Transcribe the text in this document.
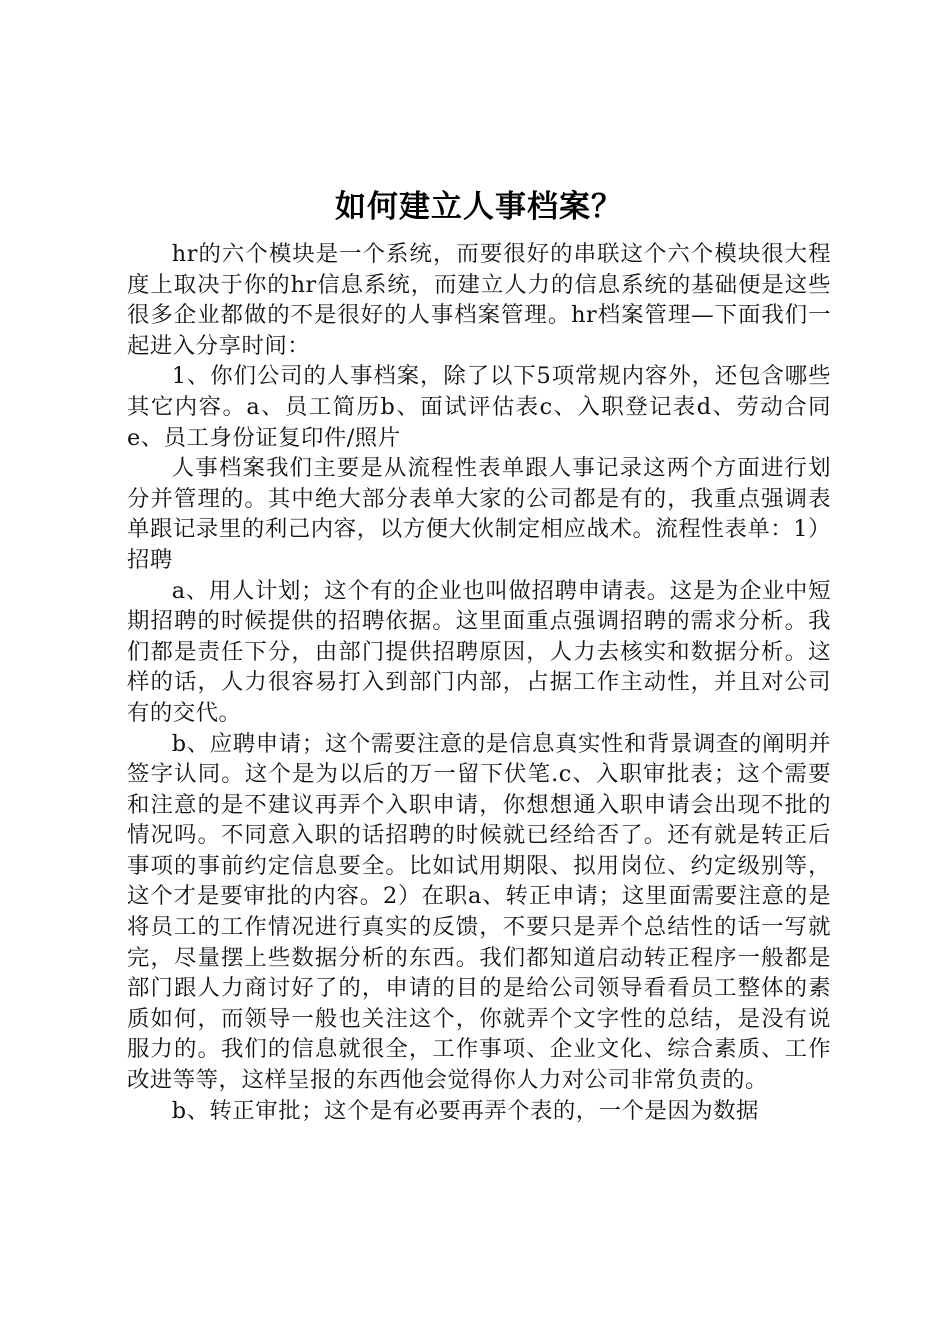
如何建立人事档案？

hr的六个模块是一个系统，而要很好的串联这个六个模块很大程度上取决于你的hr信息系统，而建立人力的信息系统的基础便是这些很多企业都做的不是很好的人事档案管理。hr档案管理—下面我们一起进入分享时间：

1、你们公司的人事档案，除了以下5项常规内容外，还包含哪些其它内容。a、员工简历b、面试评估表c、入职登记表d、劳动合同e、员工身份证复印件/照片

人事档案我们主要是从流程性表单跟人事记录这两个方面进行划分并管理的。其中绝大部分表单大家的公司都是有的，我重点强调表单跟记录里的利己内容，以方便大伙制定相应战术。流程性表单：1）招聘

a、用人计划；这个有的企业也叫做招聘申请表。这是为企业中短期招聘的时候提供的招聘依据。这里面重点强调招聘的需求分析。我们都是责任下分，由部门提供招聘原因，人力去核实和数据分析。这样的话，人力很容易打入到部门内部，占据工作主动性，并且对公司有的交代。

b、应聘申请；这个需要注意的是信息真实性和背景调查的阐明并签字认同。这个是为以后的万一留下伏笔.c、入职审批表；这个需要和注意的是不建议再弄个入职申请，你想想通入职申请会出现不批的情况吗。不同意入职的话招聘的时候就已经给否了。还有就是转正后事项的事前约定信息要全。比如试用期限、拟用岗位、约定级别等，这个才是要审批的内容。2）在职a、转正申请；这里面需要注意的是将员工的工作情况进行真实的反馈，不要只是弄个总结性的话一写就完，尽量摆上些数据分析的东西。我们都知道启动转正程序一般都是部门跟人力商讨好了的，申请的目的是给公司领导看看员工整体的素质如何，而领导一般也关注这个，你就弄个文字性的总结，是没有说服力的。我们的信息就很全，工作事项、企业文化、综合素质、工作改进等等，这样呈报的东西他会觉得你人力对公司非常负责的。

b、转正审批；这个是有必要再弄个表的，一个是因为数据
